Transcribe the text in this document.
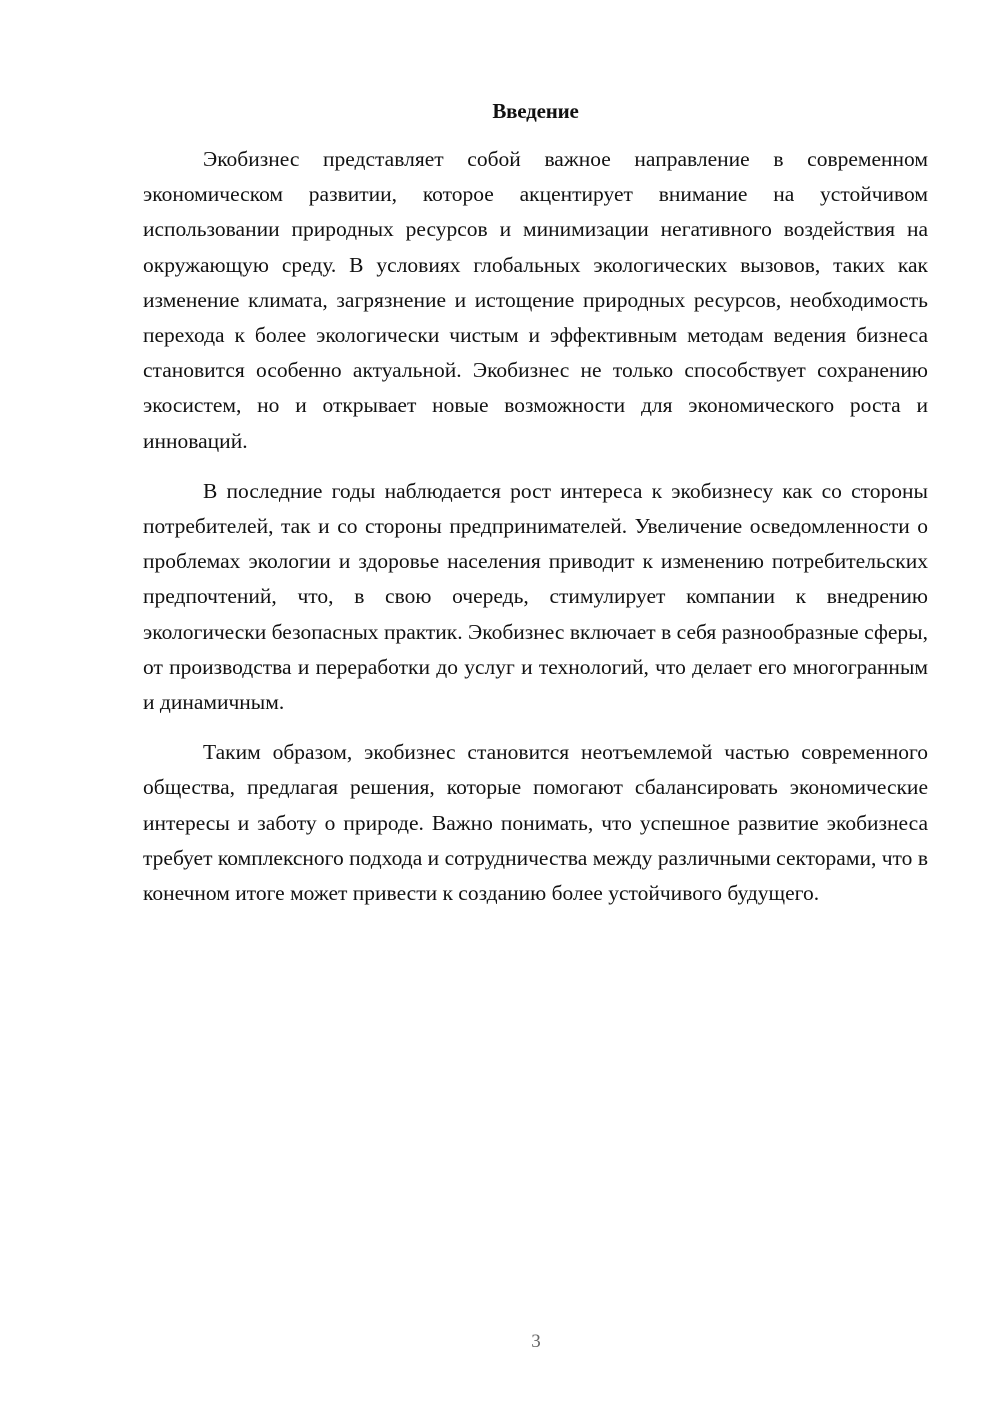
Введение

Экобизнес представляет собой важное направление в современном экономическом развитии, которое акцентирует внимание на устойчивом использовании природных ресурсов и минимизации негативного воздействия на окружающую среду. В условиях глобальных экологических вызовов, таких как изменение климата, загрязнение и истощение природных ресурсов, необходимость перехода к более экологически чистым и эффективным методам ведения бизнеса становится особенно актуальной. Экобизнес не только способствует сохранению экосистем, но и открывает новые возможности для экономического роста и инноваций.

В последние годы наблюдается рост интереса к экобизнесу как со стороны потребителей, так и со стороны предпринимателей. Увеличение осведомленности о проблемах экологии и здоровье населения приводит к изменению потребительских предпочтений, что, в свою очередь, стимулирует компании к внедрению экологически безопасных практик. Экобизнес включает в себя разнообразные сферы, от производства и переработки до услуг и технологий, что делает его многогранным и динамичным.

Таким образом, экобизнес становится неотъемлемой частью современного общества, предлагая решения, которые помогают сбалансировать экономические интересы и заботу о природе. Важно понимать, что успешное развитие экобизнеса требует комплексного подхода и сотрудничества между различными секторами, что в конечном итоге может привести к созданию более устойчивого будущего.

3
